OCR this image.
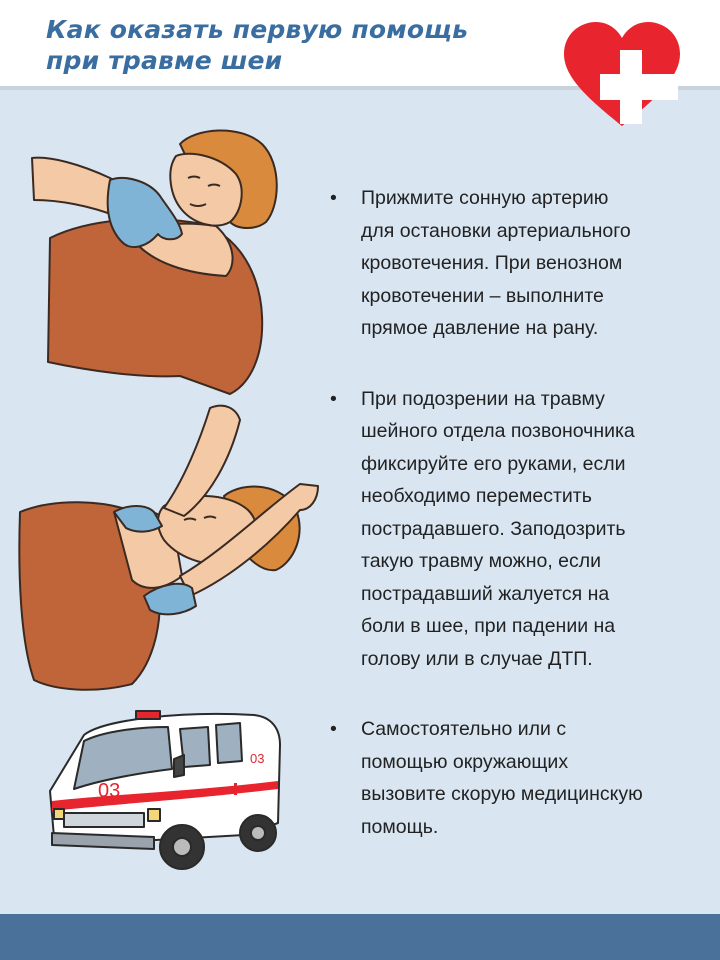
Как оказать первую помощь
при травме шеи
03
03
• Прижмите сонную артерию
для остановки артериального
кровотечения. При венозном
кровотечении – выполните
прямое давление на рану.
• При подозрении на травму
шейного отдела позвоночника
фиксируйте его руками, если
необходимо переместить
пострадавшего. Заподозрить
такую травму можно, если
пострадавший жалуется на
боли в шее, при падении на
голову или в случае ДТП.
• Самостоятельно или с
помощью окружающих
вызовите скорую медицинскую
помощь.
